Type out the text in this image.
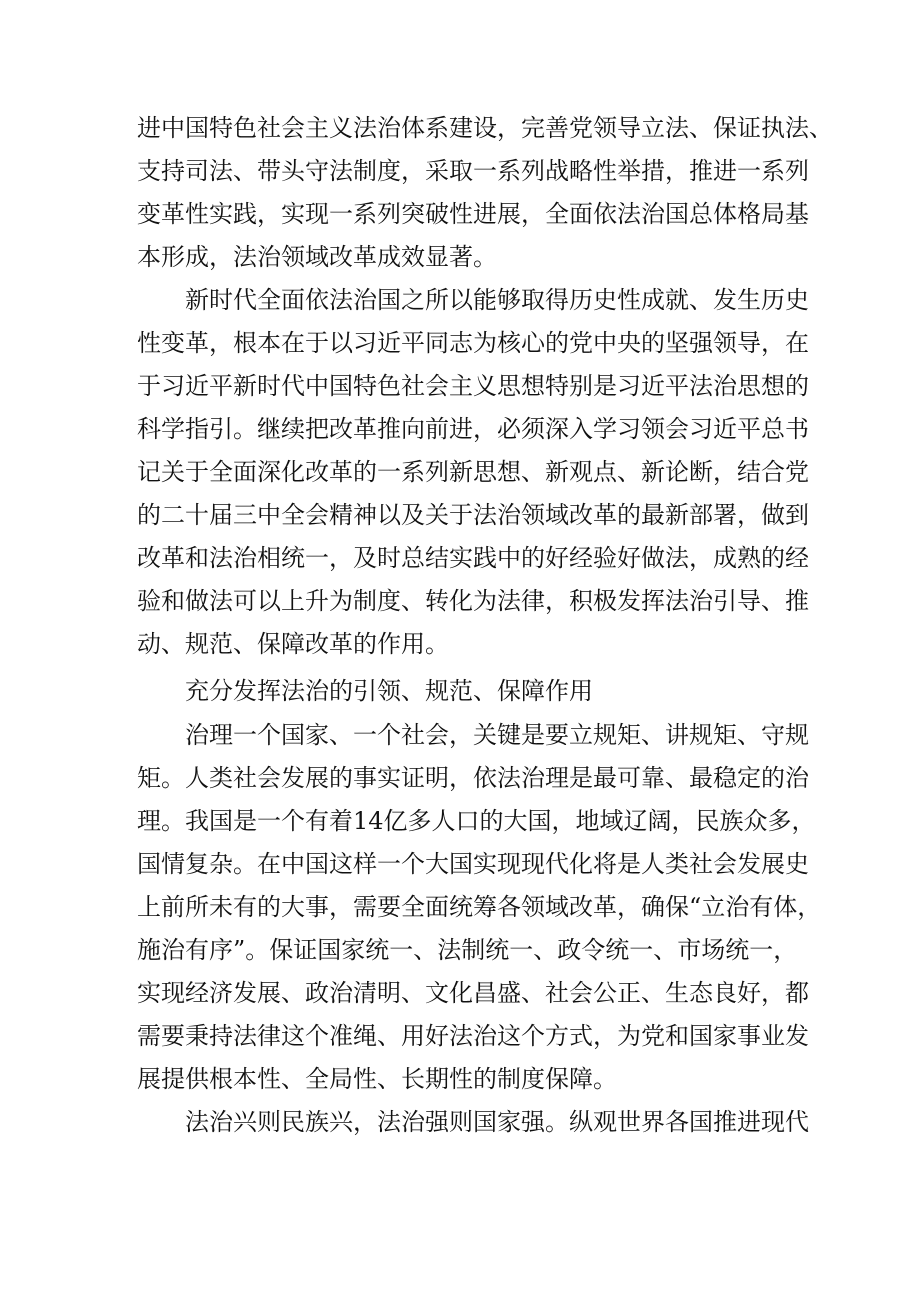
进中国特色社会主义法治体系建设，完善党领导立法、保证执法、
支持司法、带头守法制度，采取一系列战略性举措，推进一系列
变革性实践，实现一系列突破性进展，全面依法治国总体格局基
本形成，法治领域改革成效显著。
新时代全面依法治国之所以能够取得历史性成就、发生历史
性变革，根本在于以习近平同志为核心的党中央的坚强领导，在
于习近平新时代中国特色社会主义思想特别是习近平法治思想的
科学指引。继续把改革推向前进，必须深入学习领会习近平总书
记关于全面深化改革的一系列新思想、新观点、新论断，结合党
的二十届三中全会精神以及关于法治领域改革的最新部署，做到
改革和法治相统一，及时总结实践中的好经验好做法，成熟的经
验和做法可以上升为制度、转化为法律，积极发挥法治引导、推
动、规范、保障改革的作用。
充分发挥法治的引领、规范、保障作用
治理一个国家、一个社会，关键是要立规矩、讲规矩、守规
矩。人类社会发展的事实证明，依法治理是最可靠、最稳定的治
理。我国是一个有着14亿多人口的大国，地域辽阔，民族众多，
国情复杂。在中国这样一个大国实现现代化将是人类社会发展史
上前所未有的大事，需要全面统筹各领域改革，确保“立治有体，
施治有序”。保证国家统一、法制统一、政令统一、市场统一，
实现经济发展、政治清明、文化昌盛、社会公正、生态良好，都
需要秉持法律这个准绳、用好法治这个方式，为党和国家事业发
展提供根本性、全局性、长期性的制度保障。
法治兴则民族兴，法治强则国家强。纵观世界各国推进现代
